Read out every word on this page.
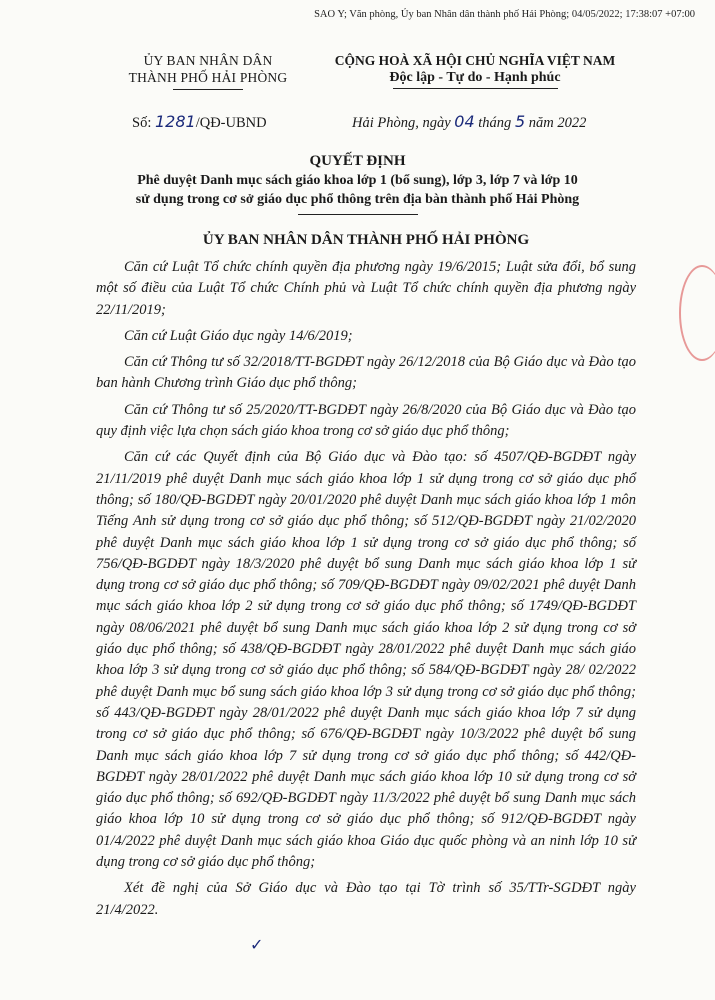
SAO Y; Văn phòng, Ủy ban Nhân dân thành phố Hải Phòng; 04/05/2022; 17:38:07 +07:00
ỦY BAN NHÂN DÂN
THÀNH PHỐ HẢI PHÒNG
CỘNG HOÀ XÃ HỘI CHỦ NGHĨA VIỆT NAM
Độc lập - Tự do - Hạnh phúc
Số: 1281/QĐ-UBND	Hải Phòng, ngày 04 tháng 5 năm 2022
QUYẾT ĐỊNH
Phê duyệt Danh mục sách giáo khoa lớp 1 (bổ sung), lớp 3, lớp 7 và lớp 10
sử dụng trong cơ sở giáo dục phổ thông trên địa bàn thành phố Hải Phòng
ỦY BAN NHÂN DÂN THÀNH PHỐ HẢI PHÒNG

Căn cứ Luật Tổ chức chính quyền địa phương ngày 19/6/2015; Luật sửa đổi, bổ sung một số điều của Luật Tổ chức Chính phủ và Luật Tổ chức chính quyền địa phương ngày 22/11/2019;

Căn cứ Luật Giáo dục ngày 14/6/2019;

Căn cứ Thông tư số 32/2018/TT-BGDĐT ngày 26/12/2018 của Bộ Giáo dục và Đào tạo ban hành Chương trình Giáo dục phổ thông;

Căn cứ Thông tư số 25/2020/TT-BGDĐT ngày 26/8/2020 của Bộ Giáo dục và Đào tạo quy định việc lựa chọn sách giáo khoa trong cơ sở giáo dục phổ thông;

Căn cứ các Quyết định của Bộ Giáo dục và Đào tạo: số 4507/QĐ-BGDĐT ngày 21/11/2019 phê duyệt Danh mục sách giáo khoa lớp 1 sử dụng trong cơ sở giáo dục phổ thông; số 180/QĐ-BGDĐT ngày 20/01/2020 phê duyệt Danh mục sách giáo khoa lớp 1 môn Tiếng Anh sử dụng trong cơ sở giáo dục phổ thông; số 512/QĐ-BGDĐT ngày 21/02/2020 phê duyệt Danh mục sách giáo khoa lớp 1 sử dụng trong cơ sở giáo dục phổ thông; số 756/QĐ-BGDĐT ngày 18/3/2020 phê duyệt bổ sung Danh mục sách giáo khoa lớp 1 sử dụng trong cơ sở giáo dục phổ thông; số 709/QĐ-BGDĐT ngày 09/02/2021 phê duyệt Danh mục sách giáo khoa lớp 2 sử dụng trong cơ sở giáo dục phổ thông; số 1749/QĐ-BGDĐT ngày 08/06/2021 phê duyệt bổ sung Danh mục sách giáo khoa lớp 2 sử dụng trong cơ sở giáo dục phổ thông; số 438/QĐ-BGDĐT ngày 28/01/2022 phê duyệt Danh mục sách giáo khoa lớp 3 sử dụng trong cơ sở giáo dục phổ thông; số 584/QĐ-BGDĐT ngày 28/ 02/2022 phê duyệt Danh mục bổ sung sách giáo khoa lớp 3 sử dụng trong cơ sở giáo dục phổ thông; số 443/QĐ-BGDĐT ngày 28/01/2022 phê duyệt Danh mục sách giáo khoa lớp 7 sử dụng trong cơ sở giáo dục phổ thông; số 676/QĐ-BGDĐT ngày 10/3/2022 phê duyệt bổ sung Danh mục sách giáo khoa lớp 7 sử dụng trong cơ sở giáo dục phổ thông; số 442/QĐ-BGDĐT ngày 28/01/2022 phê duyệt Danh mục sách giáo khoa lớp 10 sử dụng trong cơ sở giáo dục phổ thông; số 692/QĐ-BGDĐT ngày 11/3/2022 phê duyệt bổ sung Danh mục sách giáo khoa lớp 10 sử dụng trong cơ sở giáo dục phổ thông; số 912/QĐ-BGDĐT ngày 01/4/2022 phê duyệt Danh mục sách giáo khoa Giáo dục quốc phòng và an ninh lớp 10 sử dụng trong cơ sở giáo dục phổ thông;

Xét đề nghị của Sở Giáo dục và Đào tạo tại Tờ trình số 35/TTr-SGDĐT ngày 21/4/2022.

✓
